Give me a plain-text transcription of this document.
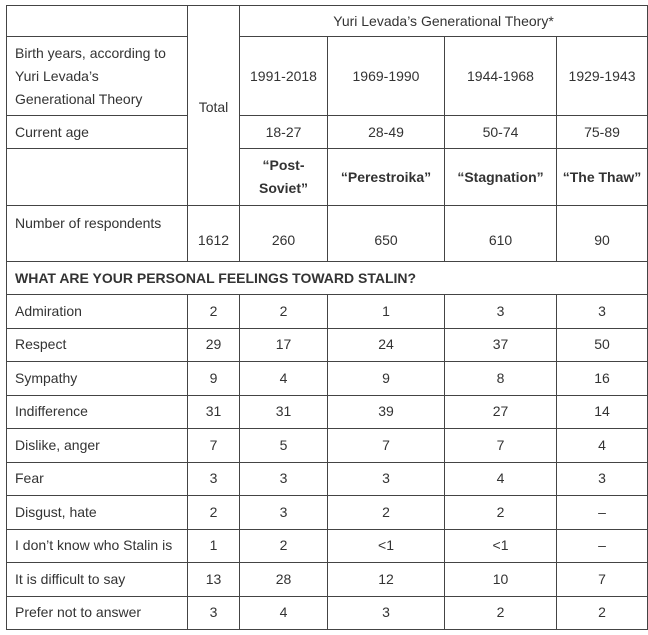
	Total	Yuri Levada’s Generational Theory*			
Birth years, according to Yuri Levada’s Generational Theory		1991-2018	1969-1990	1944-1968	1929-1943
Current age		18-27	28-49	50-74	75-89
		“Post-Soviet”	“Perestroika”	“Stagnation”	“The Thaw”
Number of respondents	1612	260	650	610	90
WHAT ARE YOUR PERSONAL FEELINGS TOWARD STALIN?					
Admiration	2	2	1	3	3
Respect	29	17	24	37	50
Sympathy	9	4	9	8	16
Indifference	31	31	39	27	14
Dislike, anger	7	5	7	7	4
Fear	3	3	3	4	3
Disgust, hate	2	3	2	2	–
I don’t know who Stalin is	1	2	<1	<1	–
It is difficult to say	13	28	12	10	7
Prefer not to answer	3	4	3	2	2
